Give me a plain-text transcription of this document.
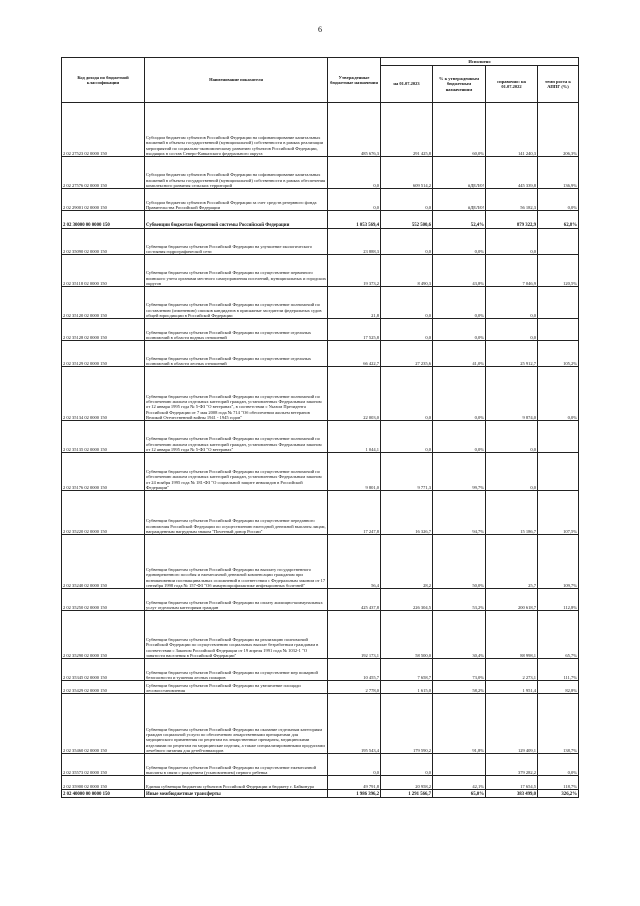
6
Код дохода по бюджетной классификации	Наименование показателя	Утвержденные бюджетные назначения	Исполнено			
			на 01.07.2023	% к утвержденным бюджетным назначениям	справочно: на 01.07.2022	темп роста к АППГ (%)
2 02 27523 02 0000 150	Субсидии бюджетам субъектов Российской Федерации на софинансирование капитальных вложений в объекты государственной (муниципальной) собственности в рамках реализации мероприятий по социально-экономическому развитию субъектов Российской Федерации, входящих в состав Северо-Кавказского федерального округа	485 676,3	291 425,8	60,0%	141 240,3	206,3%
2 02 27576 02 0000 150	Субсидии бюджетам субъектов Российской Федерации на софинансирование капитальных вложений в объекты государственной (муниципальной) собственности в рамках обеспечения комплексного развития сельских территорий	0,0	609 514,2	#ДЕЛ/0!	445 339,8	136,9%
2 02 29001 02 0000 150	Субсидии бюджетам субъектов Российской Федерации за счет средств резервного фонда Правительства Российской Федерации	0,0	0,0	#ДЕЛ/0!	56 182,3	0,0%
2 02 30000 00 0000 150	Субвенции бюджетам бюджетной системы Российской Федерации	1 053 569,4	552 500,6	52,4%	879 322,9	62,8%
2 02 35090 02 0000 150	Субвенции бюджетам субъектов Российской Федерации на улучшение экологического состояния гидрографической сети	23 888,3	0,0	0,0%	0,0	
2 02 35118 02 0000 150	Субвенции бюджетам субъектов Российской Федерации на осуществление первичного воинского учета органами местного самоуправления поселений, муниципальных и городских округов	19 373,2	8 490,3	43,8%	7 046,9	120,5%
2 02 35120 02 0000 150	Субвенции бюджетам субъектов Российской Федерации на осуществление полномочий по составлению (изменению) списков кандидатов в присяжные заседатели федеральных судов общей юрисдикции в Российской Федерации	21,8	0,0	0,0%	0,0	
2 02 35128 02 0000 150	Субвенции бюджетам субъектов Российской Федерации на осуществление отдельных полномочий в области водных отношений	17 525,8	0,0	0,0%	0,0	
2 02 35129 02 0000 150	Субвенции бюджетам субъектов Российской Федерации на осуществление отдельных полномочий в области лесных отношений	66 422,7	27 235,6	41,0%	25 912,7	105,2%
2 02 35134 02 0000 150	Субвенции бюджетам субъектов Российской Федерации на осуществление полномочий по обеспечению жильем отдельных категорий граждан, установленных Федеральным законом от 12 января 1995 года № 5-ФЗ "О ветеранах", в соответствии с Указом Президента Российской Федерации от 7 мая 2008 года № 714 "Об обеспечении жильем ветеранов Великой Отечественной войны 1941 - 1945 годов"	22 003,0	0,0	0,0%	9 874,0	0,0%
2 02 35135 02 0000 150	Субвенции бюджетам субъектов Российской Федерации на осуществление полномочий по обеспечению жильем отдельных категорий граждан, установленных Федеральным законом от 12 января 1995 года № 5-ФЗ "О ветеранах"	1 044,1	0,0	0,0%	0,0	
2 02 35176 02 0000 150	Субвенции бюджетам субъектов Российской Федерации на осуществление полномочий по обеспечению жильем отдельных категорий граждан, установленных Федеральным законом от 24 ноября 1995 года № 181-ФЗ "О социальной защите инвалидов в Российской Федерации"	9 801,0	9 771,3	99,7%	0,0	
2 02 35220 02 0000 150	Субвенции бюджетам субъектов Российской Федерации на осуществление переданного полномочия Российской Федерации по осуществлению ежегодной денежной выплаты лицам, награжденным нагрудным знаком "Почетный донор России"	17 247,8	16 326,7	94,7%	15 186,7	107,5%
2 02 35240 02 0000 150	Субвенции бюджетам субъектов Российской Федерации на выплату государственного единовременного пособия и ежемесячной денежной компенсации гражданам при возникновении поствакцинальных осложнений в соответствии с Федеральным законом от 17 сентября 1998 года № 157-ФЗ "Об иммунопрофилактике инфекционных болезней"	56,4	28,2	50,0%	25,7	109,7%
2 02 35250 02 0000 150	Субвенции бюджетам субъектов Российской Федерации на оплату жилищно-коммунальных услуг отдельным категориям граждан	425 437,8	226 304,5	53,2%	200 618,7	112,8%
2 02 35290 02 0000 150	Субвенции бюджетам субъектов Российской Федерации на реализацию полномочий Российской Федерации по осуществлению социальных выплат безработным гражданам в соответствии с Законом Российской Федерации от 19 апреля 1991 года № 1032-1 "О занятости населения в Российской Федерации"	192 173,1	58 500,0	30,4%	88 998,1	65,7%
2 02 35345 02 0000 150	Субвенции бюджетам субъектов Российской Федерации на осуществление мер пожарной безопасности и тушения лесных пожаров	10 455,7	7 658,7	73,0%	2 273,1	111,7%
2 02 35429 02 0000 150	Субвенции бюджетам субъектов Российской Федерации на увеличение площади лесовосстановления	2 778,0	1 615,0	58,2%	1 951,4	82,8%
2 02 35460 02 0000 150	Субвенции бюджетам субъектов Российской Федерации на оказание отдельным категориям граждан социальной услуги по обеспечению лекарственными препаратами для медицинского применения по рецептам на лекарственные препараты, медицинскими изделиями по рецептам на медицинские изделия, а также специализированными продуктами лечебного питания для детей-инвалидов	195 543,4	179 590,2	91,8%	129 409,1	138,7%
2 02 35573 02 0000 150	Субвенции бюджетам субъектов Российской Федерации на осуществление ежемесячной выплаты в связи с рождением (усыновлением) первого ребенка	0,0	0,0		379 282,2	0,0%
2 02 35900 02 0000 150	Единая субвенция бюджетам субъектов Российской Федерации и бюджету г. Байконура	49 791,8	20 958,2	42,1%	17 654,5	118,7%
2 02 40000 00 0000 150	Иные межбюджетные трансферты	1 986 396,2	1 291 566,7	65,0%	383 499,0	326,2%
